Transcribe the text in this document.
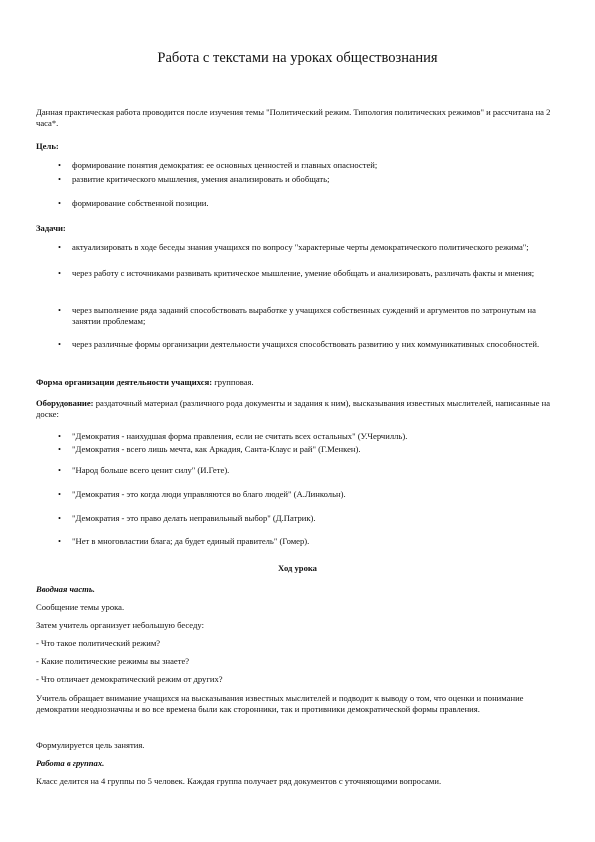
Работа с текстами на уроках обществознания
Данная практическая работа проводится после изучения темы "Политический режим. Типология политических режимов" и рассчитана на 2 часа*.
Цель:
• формирование понятия демократия: ее основных ценностей и главных опасностей;
• развитие критического мышления, умения анализировать и обобщать;
• формирование собственной позиции.
Задачи:
• актуализировать в ходе беседы знания учащихся по вопросу "характерные черты демократического политического режима";
• через работу с источниками развивать критическое мышление, умение обобщать и анализировать, различать факты и мнения;
• через выполнение ряда заданий способствовать выработке у учащихся собственных суждений и аргументов по затронутым на занятии проблемам;
• через различные формы организации деятельности учащихся способствовать развитию у них коммуникативных способностей.
Форма организации деятельности учащихся: групповая.
Оборудование: раздаточный материал (различного рода документы и задания к ним), высказывания известных мыслителей, написанные на доске:
• "Демократия - наихудшая форма правления, если не считать всех остальных" (У.Черчилль).
• "Демократия - всего лишь мечта, как Аркадия, Санта-Клаус и рай" (Г.Менкен).
• "Народ больше всего ценит силу" (И.Гете).
• "Демократия - это когда люди управляются во благо людей" (А.Линкольн).
• "Демократия - это право делать неправильный выбор" (Д.Патрик).
• "Нет в многовластии блага; да будет единый правитель" (Гомер).
Ход урока
Вводная часть.
Сообщение темы урока.
Затем учитель организует небольшую беседу:
- Что такое политический режим?
- Какие политические режимы вы знаете?
- Что отличает демократический режим от других?
Учитель обращает внимание учащихся на высказывания известных мыслителей и подводит к выводу о том, что оценки и понимание демократии неоднозначны и во все времена были как сторонники, так и противники демократической формы правления.
Формулируется цель занятия.
Работа в группах.
Класс делится на 4 группы по 5 человек. Каждая группа получает ряд документов с уточняющими вопросами.
